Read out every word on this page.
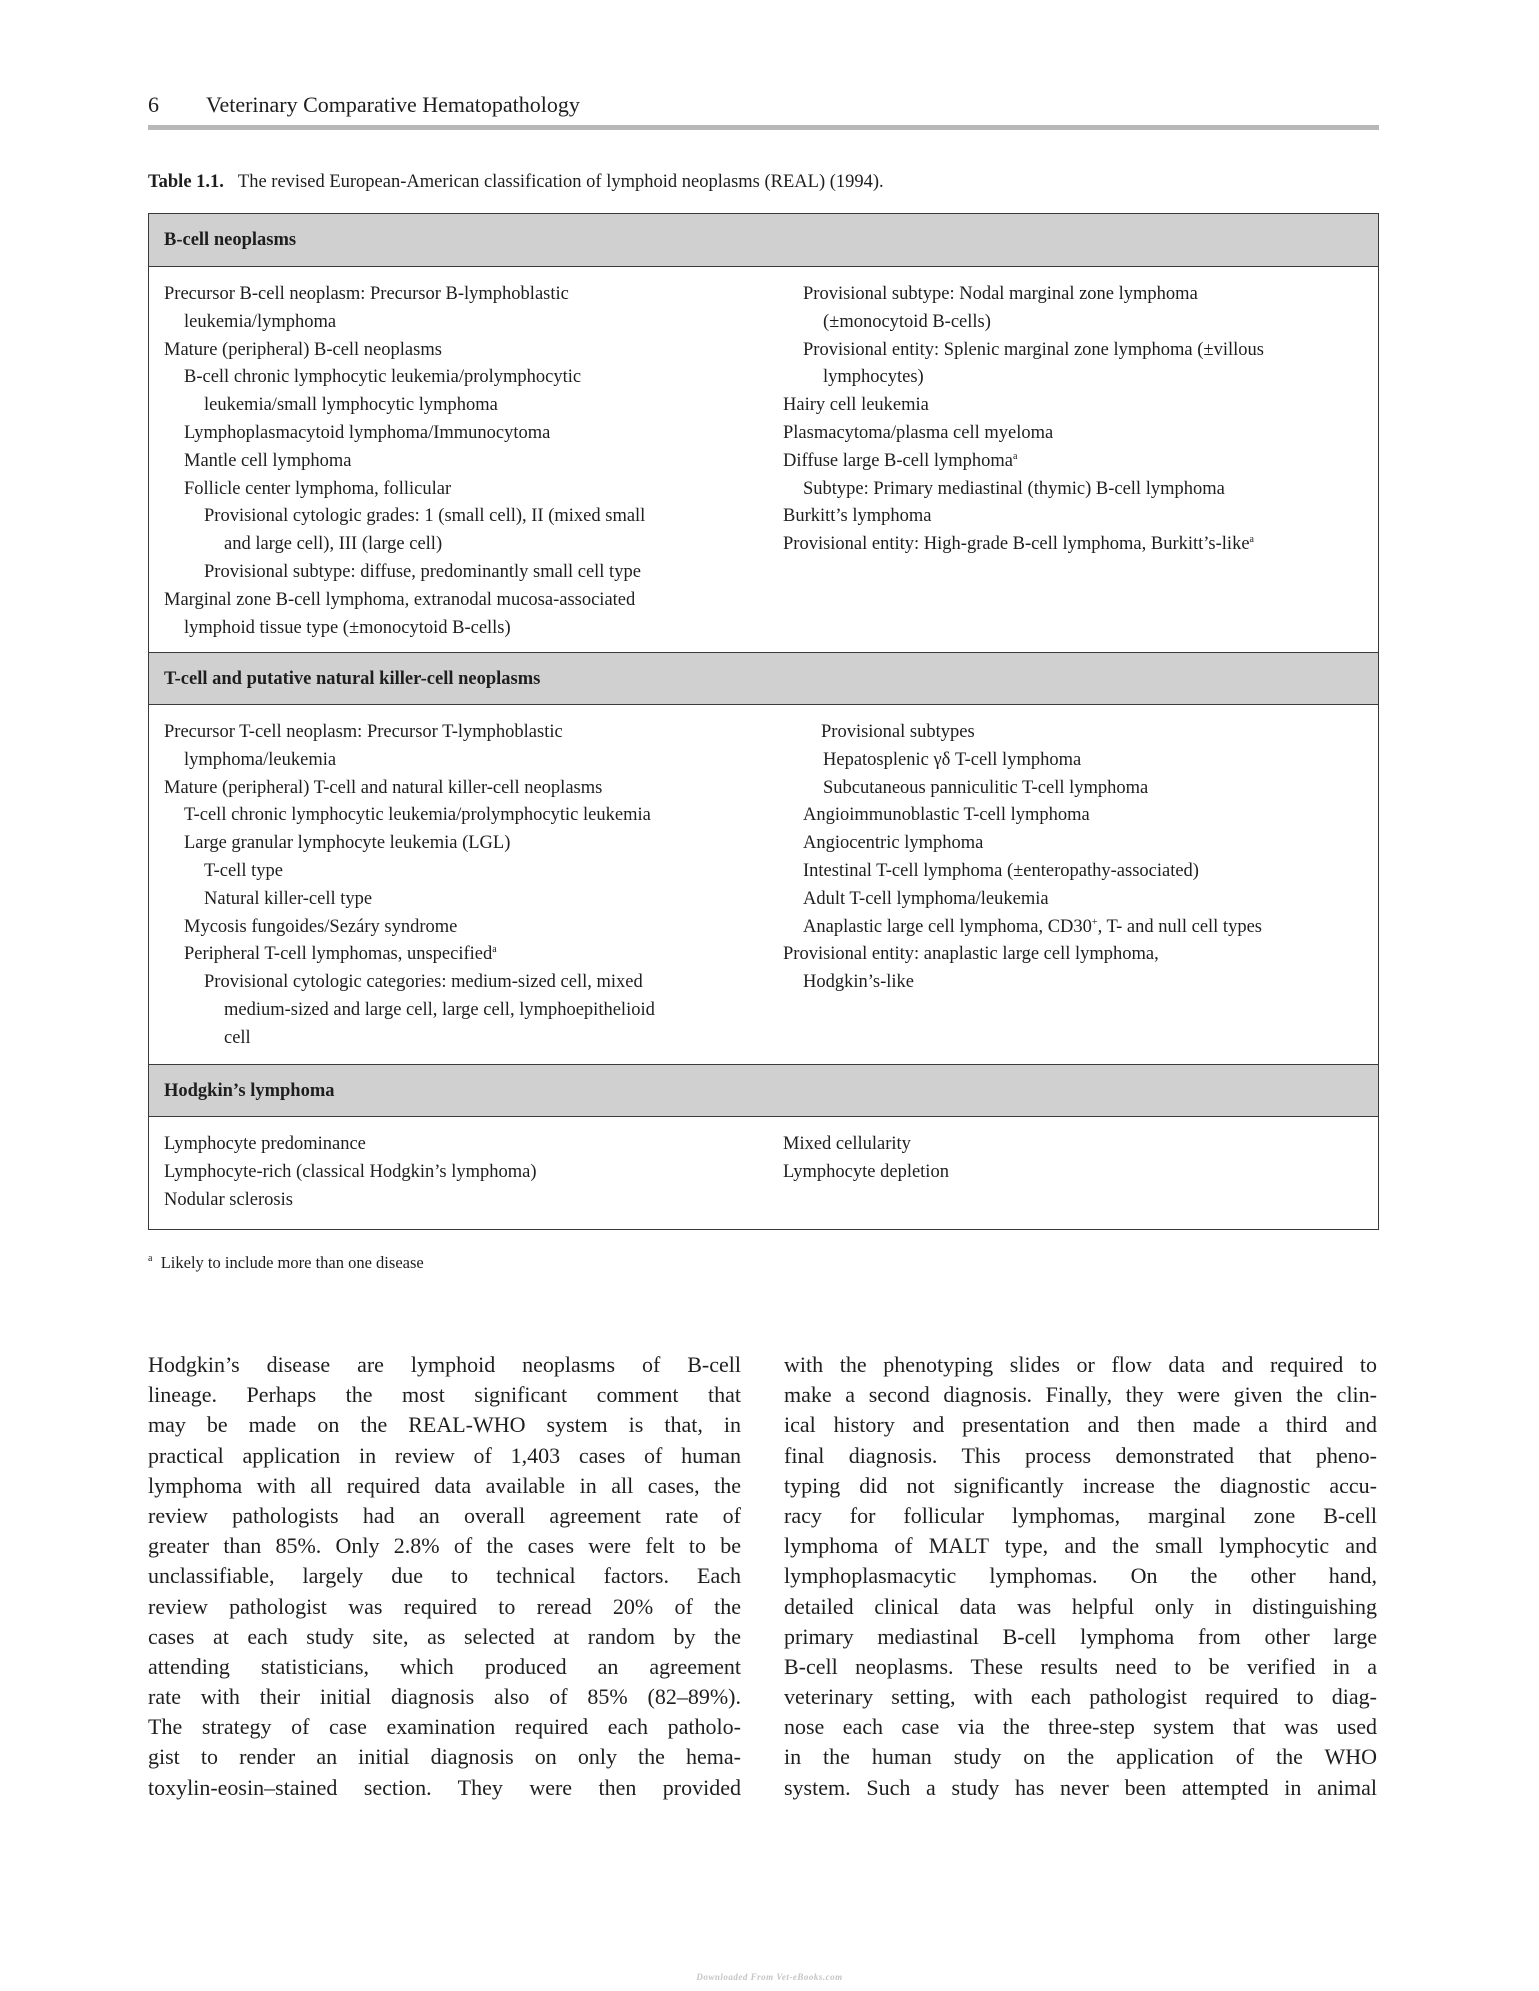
6 Veterinary Comparative Hematopathology
Table 1.1. The revised European-American classification of lymphoid neoplasms (REAL) (1994).
B-cell neoplasms
Precursor B-cell neoplasm: Precursor B-lymphoblastic
leukemia/lymphoma
Mature (peripheral) B-cell neoplasms
B-cell chronic lymphocytic leukemia/prolymphocytic
leukemia/small lymphocytic lymphoma
Lymphoplasmacytoid lymphoma/Immunocytoma
Mantle cell lymphoma
Follicle center lymphoma, follicular
Provisional cytologic grades: 1 (small cell), II (mixed small
and large cell), III (large cell)
Provisional subtype: diffuse, predominantly small cell type
Marginal zone B-cell lymphoma, extranodal mucosa-associated
lymphoid tissue type (±monocytoid B-cells)
Provisional subtype: Nodal marginal zone lymphoma
(±monocytoid B-cells)
Provisional entity: Splenic marginal zone lymphoma (±villous
lymphocytes)
Hairy cell leukemia
Plasmacytoma/plasma cell myeloma
Diffuse large B-cell lymphoma$^a$
Subtype: Primary mediastinal (thymic) B-cell lymphoma
Burkitt’s lymphoma
Provisional entity: High-grade B-cell lymphoma, Burkitt’s-like$^a$
T-cell and putative natural killer-cell neoplasms
Precursor T-cell neoplasm: Precursor T-lymphoblastic
lymphoma/leukemia
Mature (peripheral) T-cell and natural killer-cell neoplasms
T-cell chronic lymphocytic leukemia/prolymphocytic leukemia
Large granular lymphocyte leukemia (LGL)
T-cell type
Natural killer-cell type
Mycosis fungoides/Sezáry syndrome
Peripheral T-cell lymphomas, unspecified$^a$
Provisional cytologic categories: medium-sized cell, mixed
medium-sized and large cell, large cell, lymphoepithelioid
cell
Provisional subtypes
Hepatosplenic γδ T-cell lymphoma
Subcutaneous panniculitic T-cell lymphoma
Angioimmunoblastic T-cell lymphoma
Angiocentric lymphoma
Intestinal T-cell lymphoma (±enteropathy-associated)
Adult T-cell lymphoma/leukemia
Anaplastic large cell lymphoma, CD30+, T- and null cell types
Provisional entity: anaplastic large cell lymphoma,
Hodgkin’s-like
Hodgkin’s lymphoma
Lymphocyte predominance
Lymphocyte-rich (classical Hodgkin’s lymphoma)
Nodular sclerosis
Mixed cellularity
Lymphocyte depletion
$^a$ Likely to include more than one disease
Hodgkin’s disease are lymphoid neoplasms of B-cell
lineage. Perhaps the most significant comment that
may be made on the REAL-WHO system is that, in
practical application in review of 1,403 cases of human
lymphoma with all required data available in all cases, the
review pathologists had an overall agreement rate of
greater than 85%. Only 2.8% of the cases were felt to be
unclassifiable, largely due to technical factors. Each
review pathologist was required to reread 20% of the
cases at each study site, as selected at random by the
attending statisticians, which produced an agreement
rate with their initial diagnosis also of 85% (82–89%).
The strategy of case examination required each patholo-
gist to render an initial diagnosis on only the hema-
toxylin-eosin–stained section. They were then provided
with the phenotyping slides or flow data and required to
make a second diagnosis. Finally, they were given the clin-
ical history and presentation and then made a third and
final diagnosis. This process demonstrated that pheno-
typing did not significantly increase the diagnostic accu-
racy for follicular lymphomas, marginal zone B-cell
lymphoma of MALT type, and the small lymphocytic and
lymphoplasmacytic lymphomas. On the other hand,
detailed clinical data was helpful only in distinguishing
primary mediastinal B-cell lymphoma from other large
B-cell neoplasms. These results need to be verified in a
veterinary setting, with each pathologist required to diag-
nose each case via the three-step system that was used
in the human study on the application of the WHO
system. Such a study has never been attempted in animal
Downloaded From Vet-eBooks.com
